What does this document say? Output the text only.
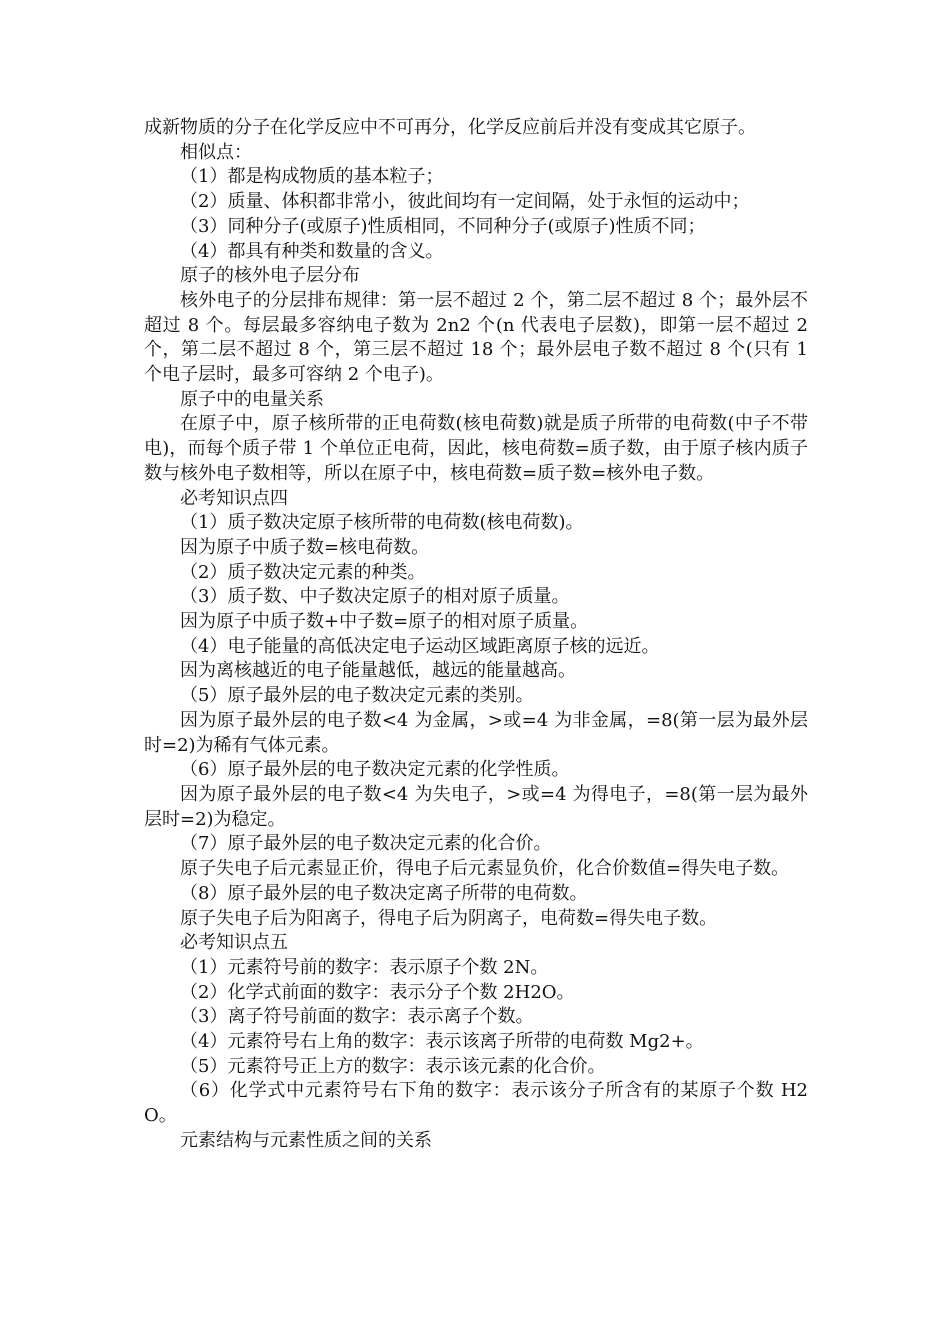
成新物质的分子在化学反应中不可再分，化学反应前后并没有变成其它原子。

相似点：

（1）都是构成物质的基本粒子；

（2）质量、体积都非常小，彼此间均有一定间隔，处于永恒的运动中；

（3）同种分子(或原子)性质相同，不同种分子(或原子)性质不同；

（4）都具有种类和数量的含义。

原子的核外电子层分布

核外电子的分层排布规律：第一层不超过 2 个，第二层不超过 8 个；最外层不超过 8 个。每层最多容纳电子数为 2n2 个(n 代表电子层数)，即第一层不超过 2 个，第二层不超过 8 个，第三层不超过 18 个；最外层电子数不超过 8 个(只有 1 个电子层时，最多可容纳 2 个电子)。

原子中的电量关系

在原子中，原子核所带的正电荷数(核电荷数)就是质子所带的电荷数(中子不带电)，而每个质子带 1 个单位正电荷，因此，核电荷数=质子数，由于原子核内质子数与核外电子数相等，所以在原子中，核电荷数=质子数=核外电子数。

必考知识点四

（1）质子数决定原子核所带的电荷数(核电荷数)。

因为原子中质子数=核电荷数。

（2）质子数决定元素的种类。

（3）质子数、中子数决定原子的相对原子质量。

因为原子中质子数+中子数=原子的相对原子质量。

（4）电子能量的高低决定电子运动区域距离原子核的远近。

因为离核越近的电子能量越低，越远的能量越高。

（5）原子最外层的电子数决定元素的类别。

因为原子最外层的电子数<4 为金属，>或=4 为非金属，=8(第一层为最外层时=2)为稀有气体元素。

（6）原子最外层的电子数决定元素的化学性质。

因为原子最外层的电子数<4 为失电子，>或=4 为得电子，=8(第一层为最外层时=2)为稳定。

（7）原子最外层的电子数决定元素的化合价。

原子失电子后元素显正价，得电子后元素显负价，化合价数值=得失电子数。

（8）原子最外层的电子数决定离子所带的电荷数。

原子失电子后为阳离子，得电子后为阴离子，电荷数=得失电子数。

必考知识点五

（1）元素符号前的数字：表示原子个数 2N。

（2）化学式前面的数字：表示分子个数 2H2O。

（3）离子符号前面的数字：表示离子个数。

（4）元素符号右上角的数字：表示该离子所带的电荷数 Mg2+。

（5）元素符号正上方的数字：表示该元素的化合价。

（6）化学式中元素符号右下角的数字：表示该分子所含有的某原子个数 H2O。

元素结构与元素性质之间的关系
